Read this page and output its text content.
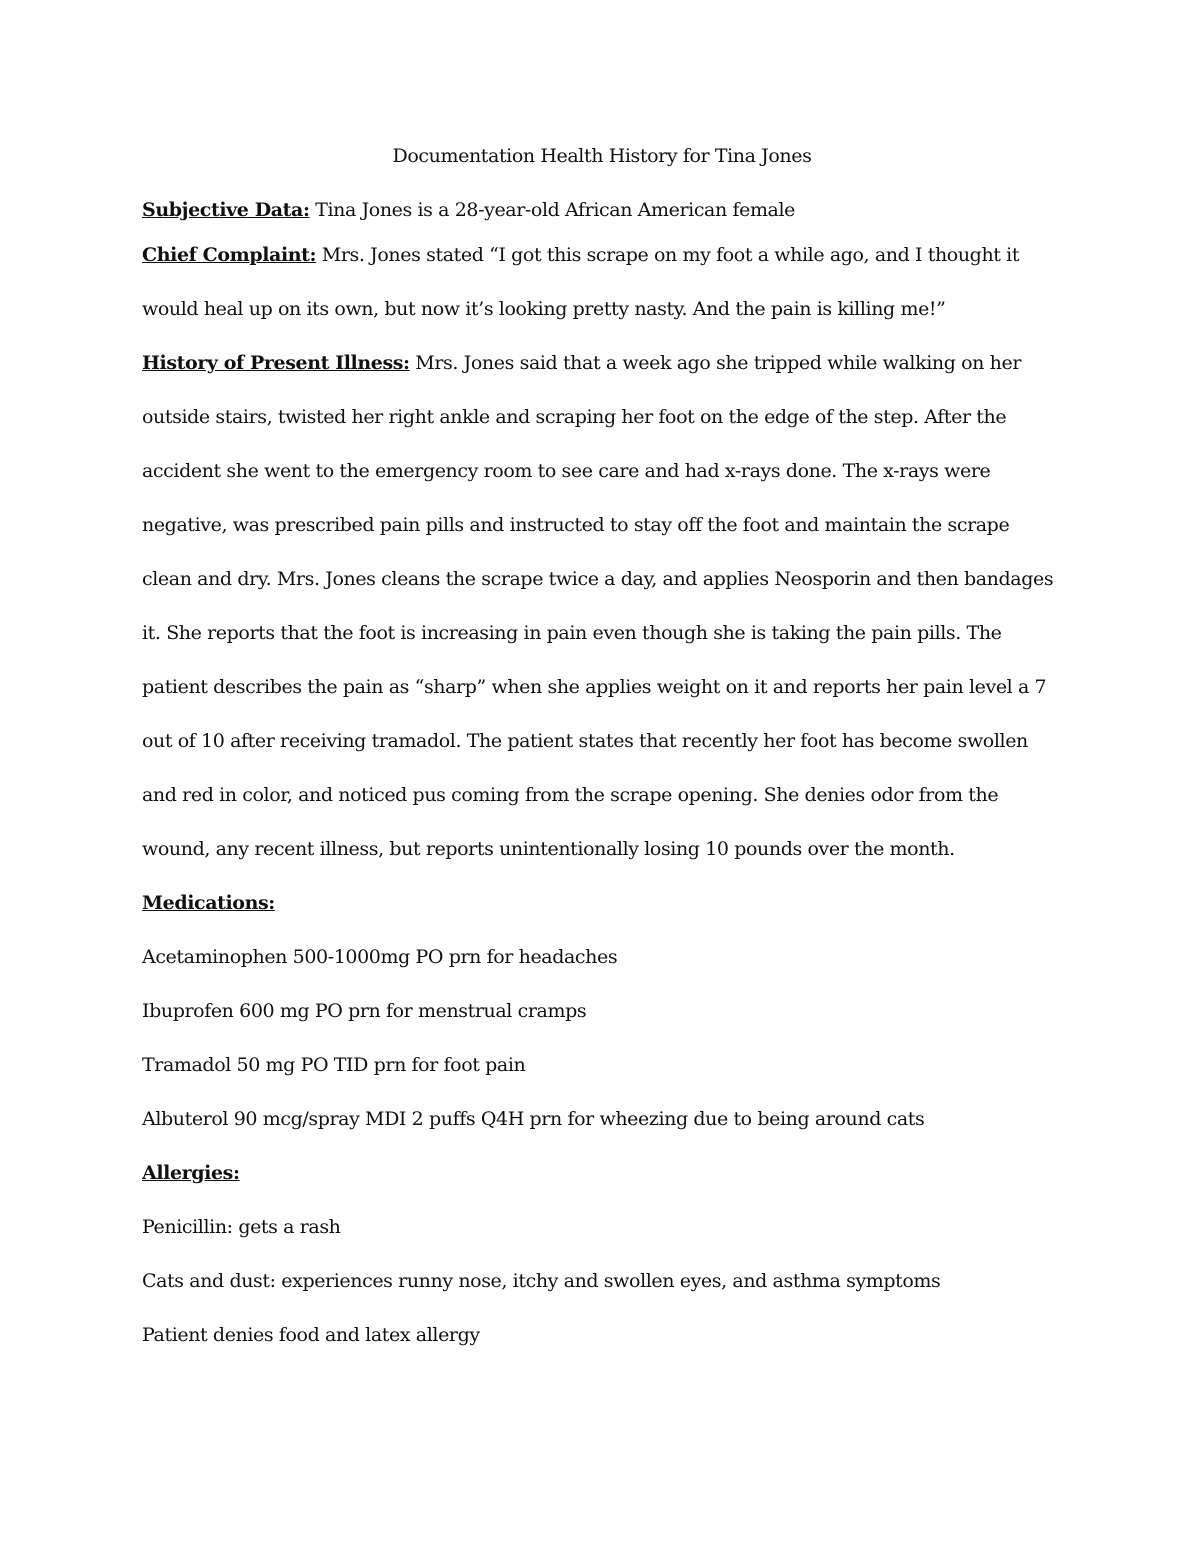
Documentation Health History for Tina Jones

Subjective Data: Tina Jones is a 28-year-old African American female

Chief Complaint: Mrs. Jones stated “I got this scrape on my foot a while ago, and I thought it would heal up on its own, but now it’s looking pretty nasty. And the pain is killing me!”

History of Present Illness: Mrs. Jones said that a week ago she tripped while walking on her outside stairs, twisted her right ankle and scraping her foot on the edge of the step. After the accident she went to the emergency room to see care and had x-rays done. The x-rays were negative, was prescribed pain pills and instructed to stay off the foot and maintain the scrape clean and dry. Mrs. Jones cleans the scrape twice a day, and applies Neosporin and then bandages it. She reports that the foot is increasing in pain even though she is taking the pain pills. The patient describes the pain as “sharp” when she applies weight on it and reports her pain level a 7 out of 10 after receiving tramadol. The patient states that recently her foot has become swollen and red in color, and noticed pus coming from the scrape opening. She denies odor from the wound, any recent illness, but reports unintentionally losing 10 pounds over the month.

Medications:

Acetaminophen 500-1000mg PO prn for headaches

Ibuprofen 600 mg PO prn for menstrual cramps

Tramadol 50 mg PO TID prn for foot pain

Albuterol 90 mcg/spray MDI 2 puffs Q4H prn for wheezing due to being around cats

Allergies:

Penicillin: gets a rash

Cats and dust: experiences runny nose, itchy and swollen eyes, and asthma symptoms

Patient denies food and latex allergy
